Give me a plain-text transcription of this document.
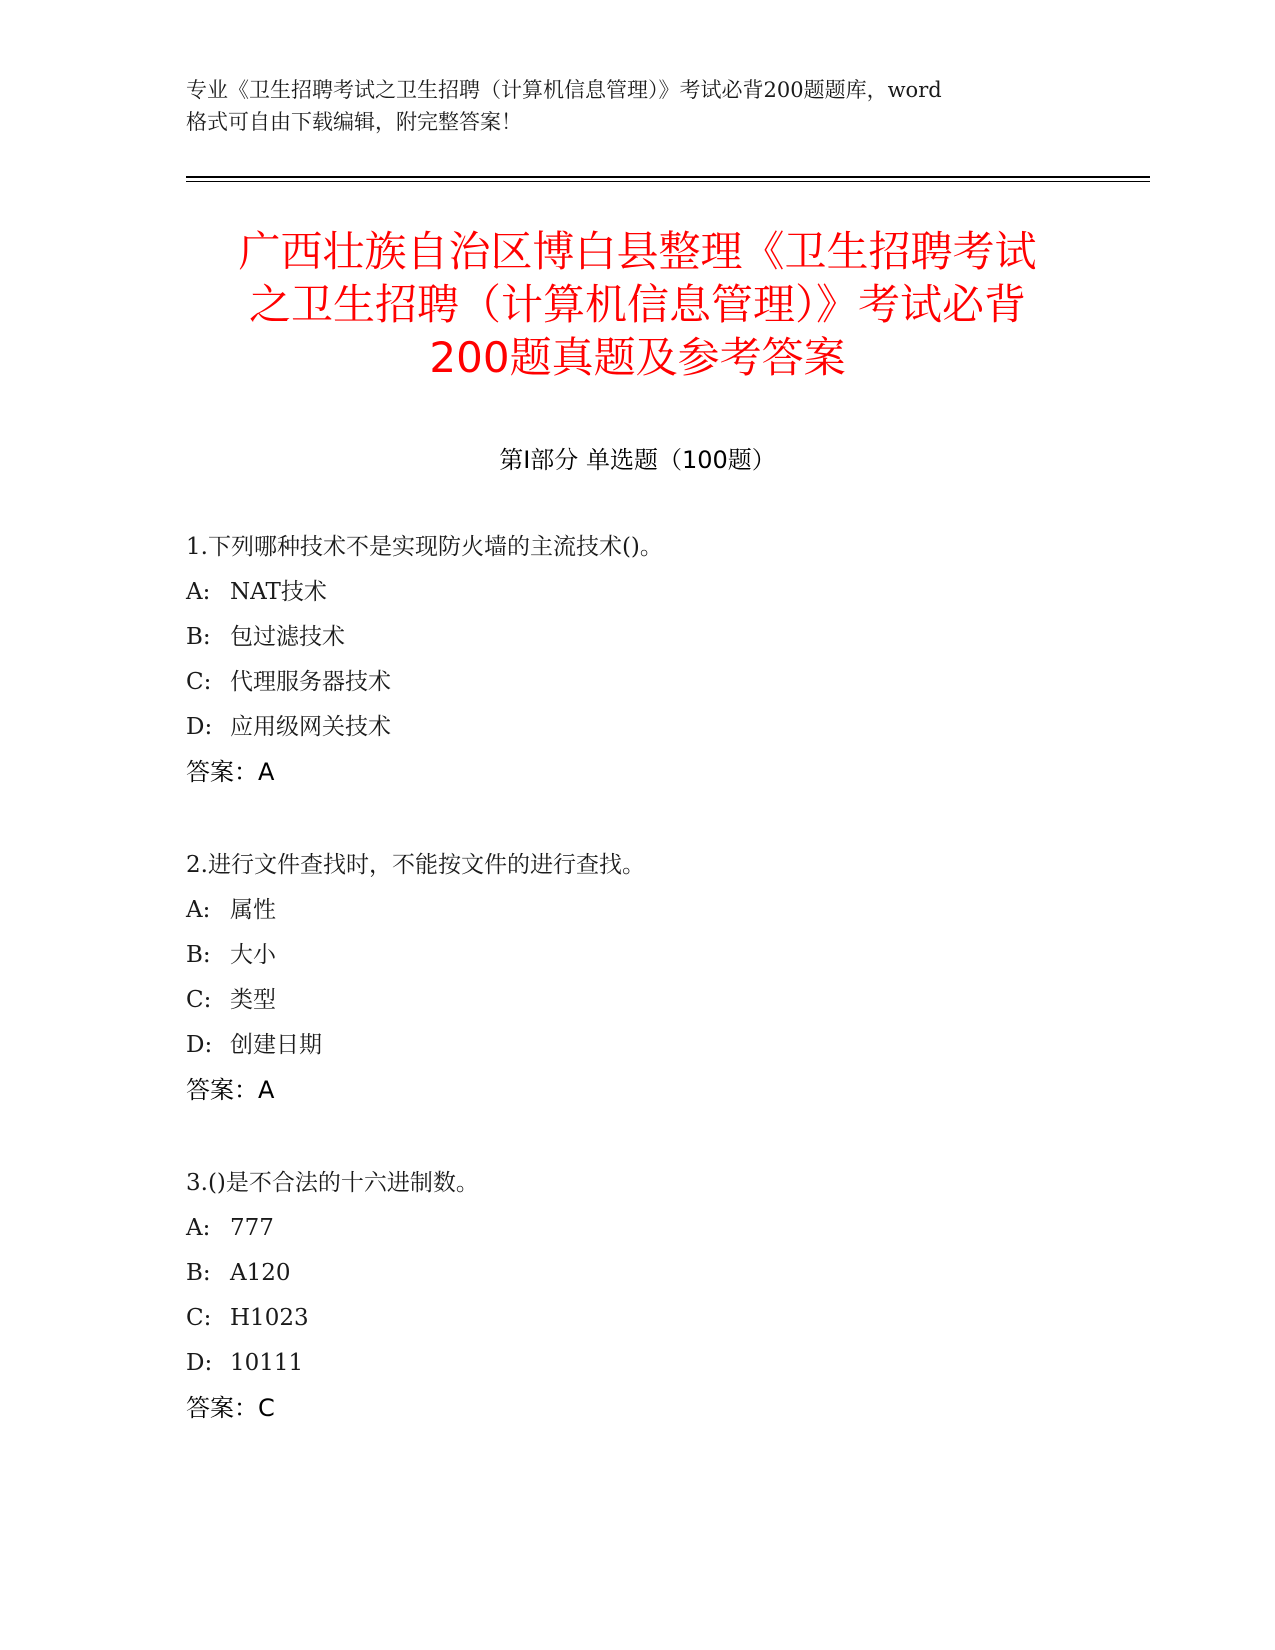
专业《卫生招聘考试之卫生招聘（计算机信息管理）》考试必背200题题库，word
格式可自由下载编辑，附完整答案！
广西壮族自治区博白县整理《卫生招聘考试
之卫生招聘（计算机信息管理）》考试必背
200题真题及参考答案
第Ⅰ部分 单选题（100题）
1.下列哪种技术不是实现防火墙的主流技术()。
A: NAT技术
B: 包过滤技术
C: 代理服务器技术
D: 应用级网关技术
答案：A
2.进行文件查找时，不能按文件的进行查找。
A: 属性
B: 大小
C: 类型
D: 创建日期
答案：A
3.()是不合法的十六进制数。
A: 777
B: A120
C: H1023
D: 10111
答案：C
